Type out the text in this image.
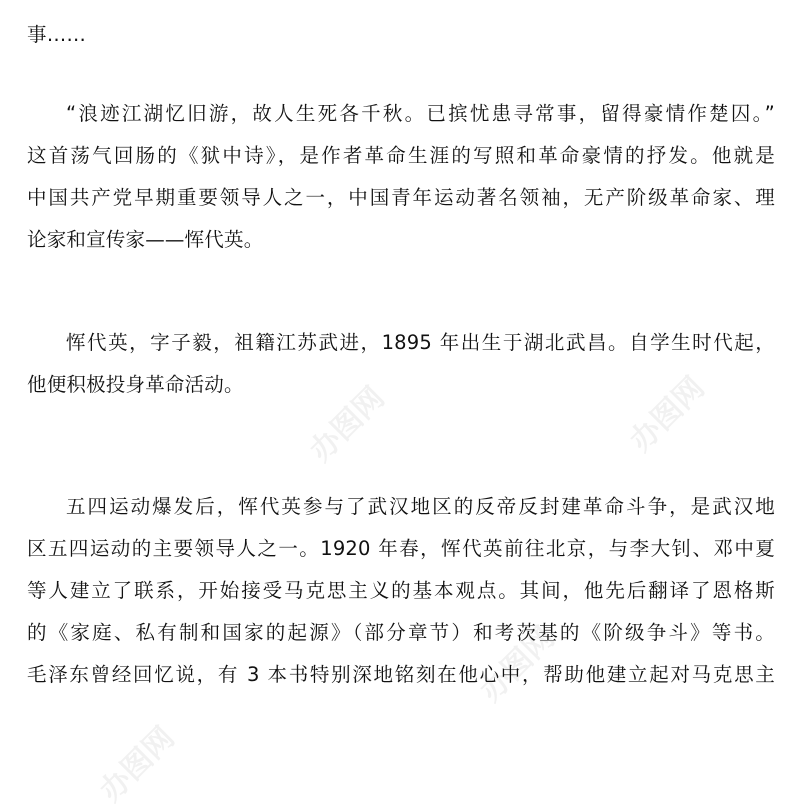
办图网
办图网
办图网
办图网

事……

“浪迹江湖忆旧游，故人生死各千秋。已摈忧患寻常事，留得豪情作楚囚。”
这首荡气回肠的《狱中诗》，是作者革命生涯的写照和革命豪情的抒发。他就是
中国共产党早期重要领导人之一，中国青年运动著名领袖，无产阶级革命家、理
论家和宣传家——恽代英。

恽代英，字子毅，祖籍江苏武进，1895 年出生于湖北武昌。自学生时代起，
他便积极投身革命活动。

五四运动爆发后，恽代英参与了武汉地区的反帝反封建革命斗争，是武汉地
区五四运动的主要领导人之一。1920 年春，恽代英前往北京，与李大钊、邓中夏
等人建立了联系，开始接受马克思主义的基本观点。其间，他先后翻译了恩格斯
的《家庭、私有制和国家的起源》（部分章节）和考茨基的《阶级争斗》等书。
毛泽东曾经回忆说，有 3 本书特别深地铭刻在他心中，帮助他建立起对马克思主
